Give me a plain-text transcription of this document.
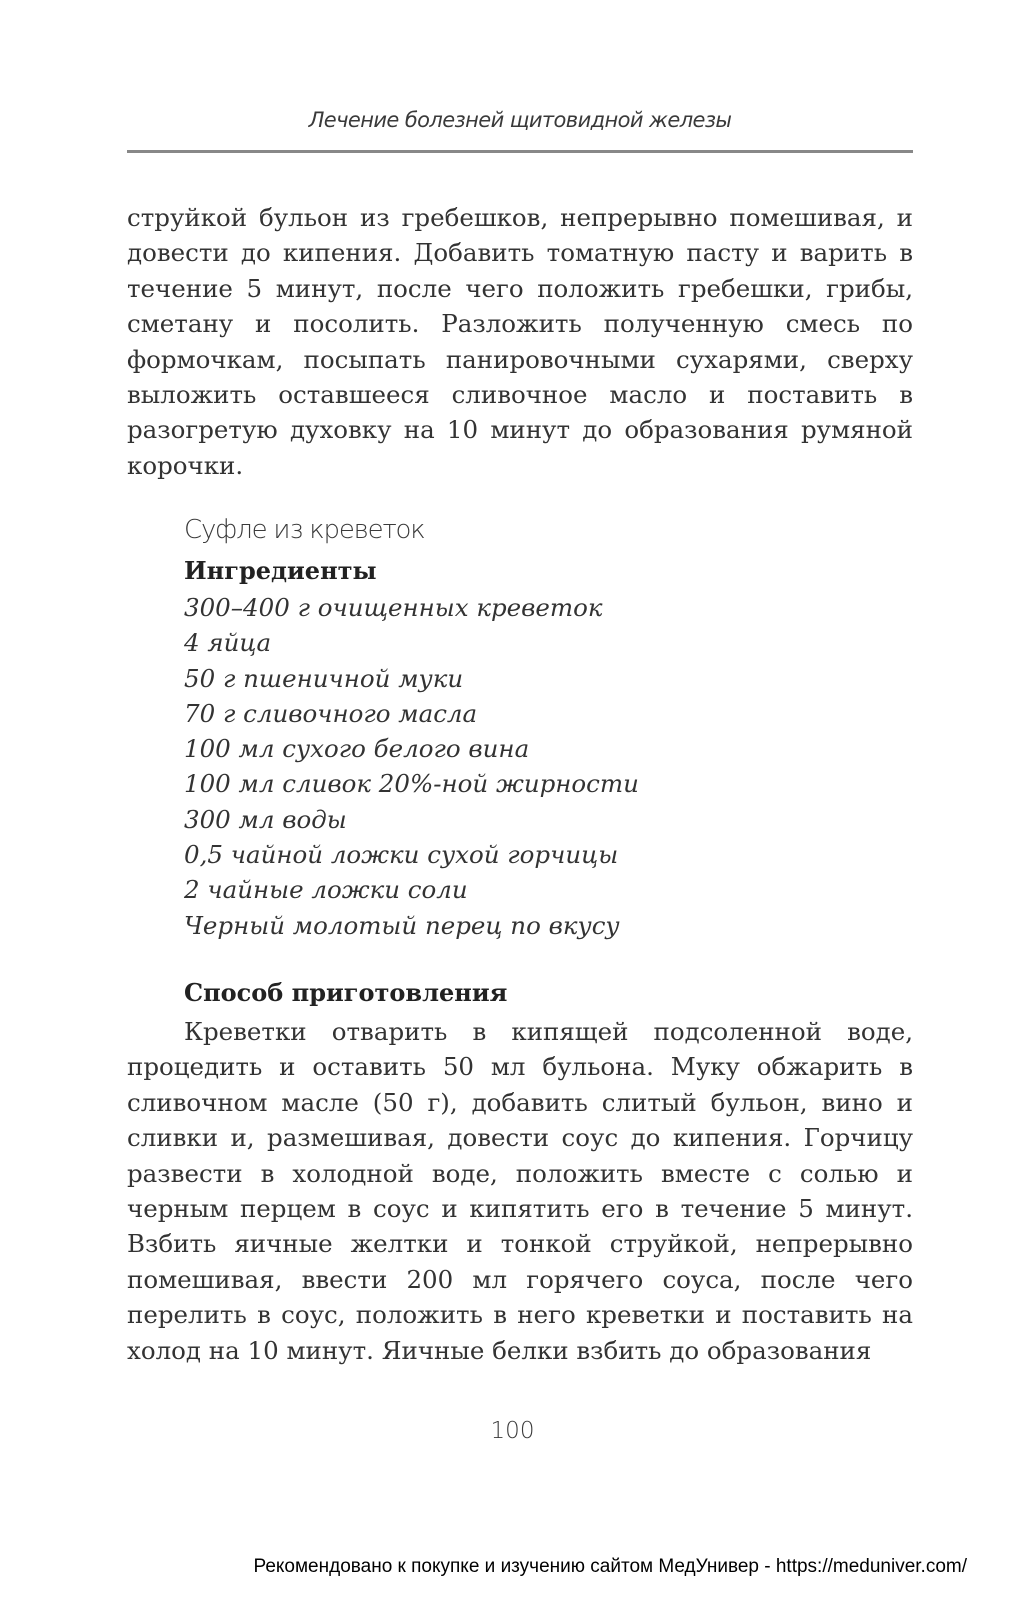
Лечение болезней щитовидной железы

струйкой бульон из гребешков, непрерывно помешивая, и довести до кипения. Добавить томатную пасту и варить в течение 5 минут, после чего положить гребешки, грибы, сметану и посолить. Разложить полученную смесь по формочкам, посыпать панировочными сухарями, сверху выложить оставшееся сливочное масло и поставить в разогретую духовку на 10 минут до образования румяной корочки.

Суфле из креветок
Ингредиенты
300–400 г очищенных креветок
4 яйца
50 г пшеничной муки
70 г сливочного масла
100 мл сухого белого вина
100 мл сливок 20%-ной жирности
300 мл воды
0,5 чайной ложки сухой горчицы
2 чайные ложки соли
Черный молотый перец по вкусу
Способ приготовления

Креветки отварить в кипящей подсоленной воде, процедить и оставить 50 мл бульона. Муку обжарить в сливочном масле (50 г), добавить слитый бульон, вино и сливки и, размешивая, довести соус до кипения. Горчицу развести в холодной воде, положить вместе с солью и черным перцем в соус и кипятить его в течение 5 минут. Взбить яичные желтки и тонкой струйкой, непрерывно помешивая, ввести 200 мл горячего соуса, после чего перелить в соус, положить в него креветки и поставить на холод на 10 минут. Яичные белки взбить до образования

100
Рекомендовано к покупке и изучению сайтом МедУнивер - https://meduniver.com/
